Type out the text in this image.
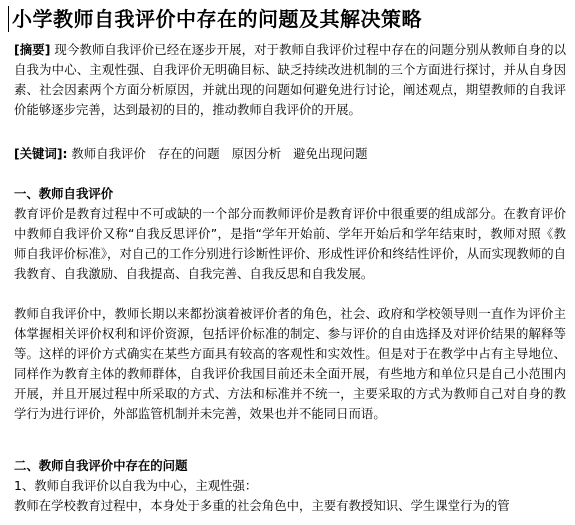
小学教师自我评价中存在的问题及其解决策略

[摘要] 现今教师自我评价已经在逐步开展，对于教师自我评价过程中存在的问题分别从教师自身的以自我为中心、主观性强、自我评价无明确目标、缺乏持续改进机制的三个方面进行探讨，并从自身因素、社会因素两个方面分析原因，并就出现的问题如何避免进行讨论，阐述观点，期望教师的自我评价能够逐步完善，达到最初的目的，推动教师自我评价的开展。

[关键词]: 教师自我评价 存在的问题 原因分析 避免出现问题
一、教师自我评价

教育评价是教育过程中不可或缺的一个部分而教师评价是教育评价中很重要的组成部分。在教育评价中教师自我评价又称“自我反思评价”，是指“学年开始前、学年开始后和学年结束时，教师对照《教师自我评价标准》，对自己的工作分别进行诊断性评价、形成性评价和终结性评价，从而实现教师的自我教育、自我激励、自我提高、自我完善、自我反思和自我发展。

教师自我评价中，教师长期以来都扮演着被评价者的角色，社会、政府和学校领导则一直作为评价主体掌握相关评价权利和评价资源，包括评价标准的制定、参与评价的自由选择及对评价结果的解释等等。这样的评价方式确实在某些方面具有较高的客观性和实效性。但是对于在教学中占有主导地位、同样作为教育主体的教师群体，自我评价我国目前还未全面开展，有些地方和单位只是自己小范围内开展，并且开展过程中所采取的方式、方法和标准并不统一，主要采取的方式为教师自己对自身的教学行为进行评价，外部监管机制并未完善，效果也并不能同日而语。

二、教师自我评价中存在的问题
1、教师自我评价以自我为中心，主观性强：

教师在学校教育过程中，本身处于多重的社会角色中，主要有教授知识、学生课堂行为的管
